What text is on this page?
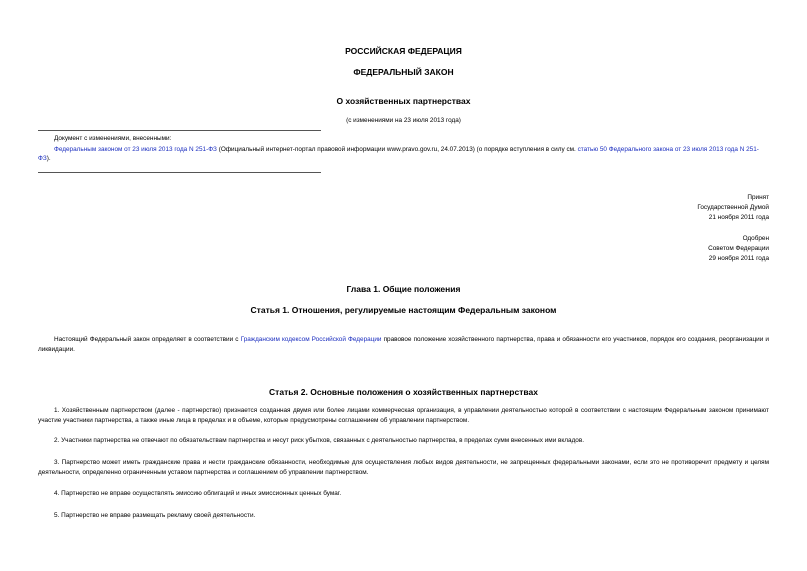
РОССИЙСКАЯ ФЕДЕРАЦИЯ
ФЕДЕРАЛЬНЫЙ ЗАКОН
О хозяйственных партнерствах
(с изменениями на 23 июля 2013 года)
Документ с изменениями, внесенными:
Федеральным законом от 23 июля 2013 года N 251-ФЗ (Официальный интернет-портал правовой информации www.pravo.gov.ru, 24.07.2013) (о порядке вступления в силу см. статью 50 Федерального закона от 23 июля 2013 года N 251-ФЗ).
Принят
Государственной Думой
21 ноября 2011 года
Одобрен
Советом Федерации
29 ноября 2011 года
Глава 1. Общие положения
Статья 1. Отношения, регулируемые настоящим Федеральным законом
Настоящий Федеральный закон определяет в соответствии с Гражданским кодексом Российской Федерации правовое положение хозяйственного партнерства, права и обязанности его участников, порядок его создания, реорганизации и ликвидации.
Статья 2. Основные положения о хозяйственных партнерствах
1. Хозяйственным партнерством (далее - партнерство) признается созданная двумя или более лицами коммерческая организация, в управлении деятельностью которой в соответствии с настоящим Федеральным законом принимают участие участники партнерства, а также иные лица в пределах и в объеме, которые предусмотрены соглашением об управлении партнерством.
2. Участники партнерства не отвечают по обязательствам партнерства и несут риск убытков, связанных с деятельностью партнерства, в пределах сумм внесенных ими вкладов.
3. Партнерство может иметь гражданские права и нести гражданские обязанности, необходимые для осуществления любых видов деятельности, не запрещенных федеральными законами, если это не противоречит предмету и целям деятельности, определенно ограниченным уставом партнерства и соглашением об управлении партнерством.
4. Партнерство не вправе осуществлять эмиссию облигаций и иных эмиссионных ценных бумаг.
5. Партнерство не вправе размещать рекламу своей деятельности.
